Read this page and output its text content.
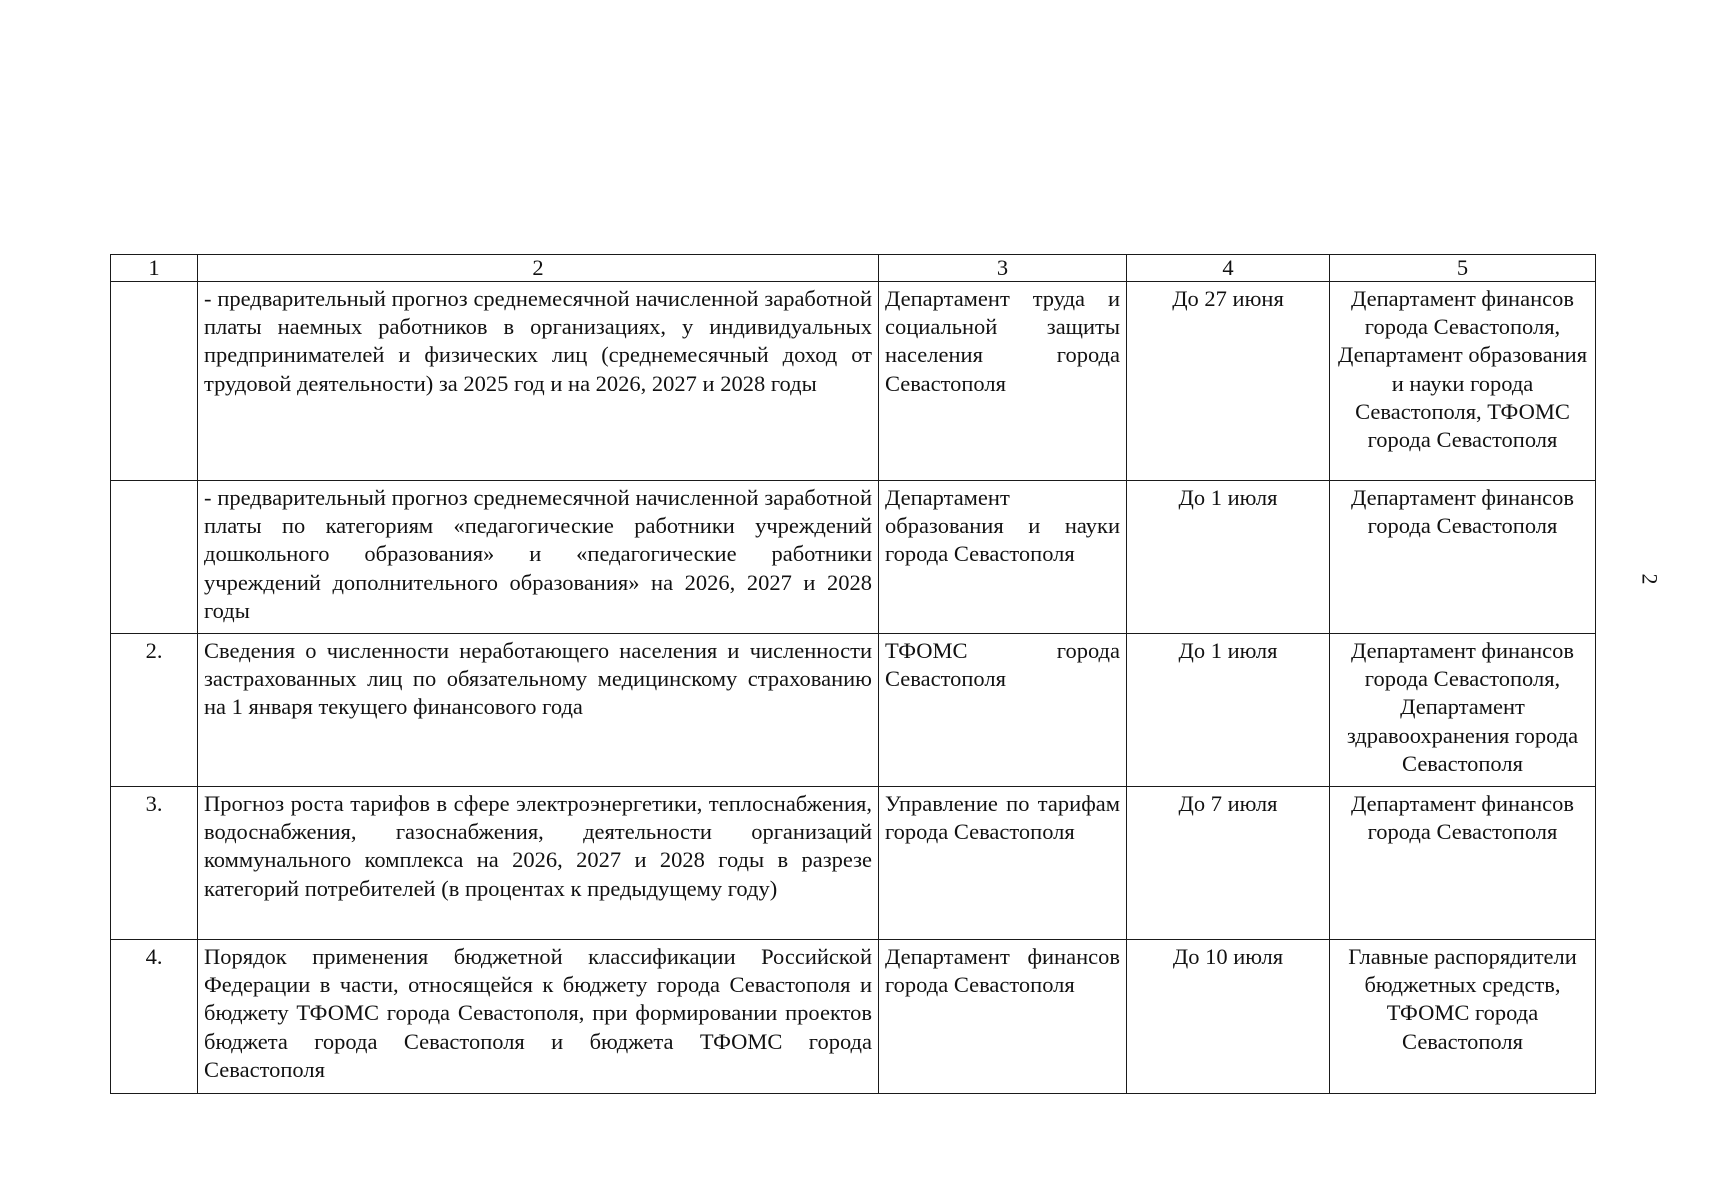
1	2	3	4	5
	- предварительный прогноз среднемесячной начисленной заработной платы наемных работников в организациях, у индивидуальных предпринимателей и физических лиц (среднемесячный доход от трудовой деятельности) за 2025 год и на 2026, 2027 и 2028 годы	Департамент труда и социальной защиты населения города Севастополя	До 27 июня	Департамент финансов города Севастополя, Департамент образования и науки города Севастополя, ТФОМС города Севастополя
	- предварительный прогноз среднемесячной начисленной заработной платы по категориям «педагогические работники учреждений дошкольного образования» и «педагогические работники учреждений дополнительного образования» на 2026, 2027 и 2028 годы	Департамент образования и науки города Севастополя	До 1 июля	Департамент финансов города Севастополя
2.	Сведения о численности неработающего населения и численности застрахованных лиц по обязательному медицинскому страхованию на 1 января текущего финансового года	ТФОМС города Севастополя	До 1 июля	Департамент финансов города Севастополя, Департамент здравоохранения города Севастополя
3.	Прогноз роста тарифов в сфере электроэнергетики, теплоснабжения, водоснабжения, газоснабжения, деятельности организаций коммунального комплекса на 2026, 2027 и 2028 годы в разрезе категорий потребителей (в процентах к предыдущему году)	Управление по тарифам города Севастополя	До 7 июля	Департамент финансов города Севастополя
4.	Порядок применения бюджетной классификации Российской Федерации в части, относящейся к бюджету города Севастополя и бюджету ТФОМС города Севастополя, при формировании проектов бюджета города Севастополя и бюджета ТФОМС города Севастополя	Департамент финансов города Севастополя	До 10 июля	Главные распорядители бюджетных средств, ТФОМС города Севастополя
2
